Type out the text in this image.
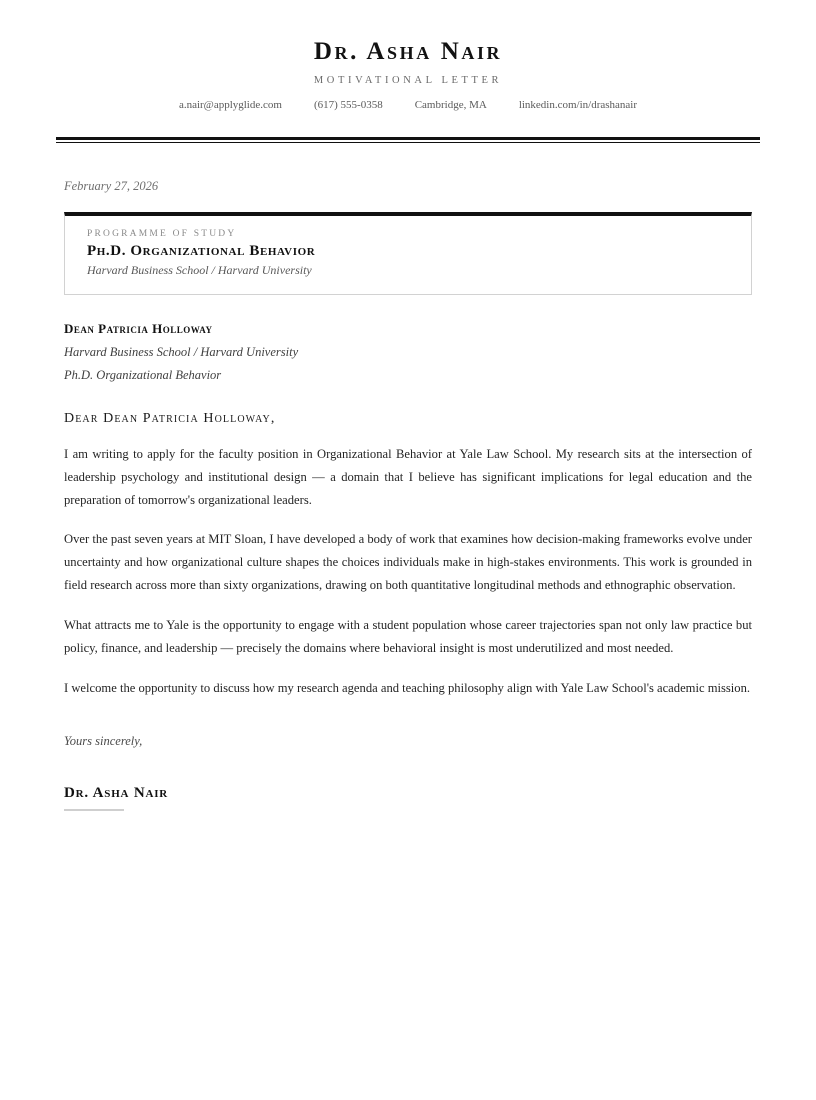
Dr. Asha Nair
MOTIVATIONAL LETTER
a.nair@applyglide.com	(617) 555-0358	Cambridge, MA	linkedin.com/in/drashanair
February 27, 2026
PROGRAMME OF STUDY
Ph.D. Organizational Behavior
Harvard Business School / Harvard University
Dean Patricia Holloway
Harvard Business School / Harvard University
Ph.D. Organizational Behavior
Dear Dean Patricia Holloway,

I am writing to apply for the faculty position in Organizational Behavior at Yale Law School. My research sits at the intersection of leadership psychology and institutional design — a domain that I believe has significant implications for legal education and the preparation of tomorrow's organizational leaders.

Over the past seven years at MIT Sloan, I have developed a body of work that examines how decision-making frameworks evolve under uncertainty and how organizational culture shapes the choices individuals make in high-stakes environments. This work is grounded in field research across more than sixty organizations, drawing on both quantitative longitudinal methods and ethnographic observation.

What attracts me to Yale is the opportunity to engage with a student population whose career trajectories span not only law practice but policy, finance, and leadership — precisely the domains where behavioral insight is most underutilized and most needed.

I welcome the opportunity to discuss how my research agenda and teaching philosophy align with Yale Law School's academic mission.

Yours sincerely,
Dr. Asha Nair
